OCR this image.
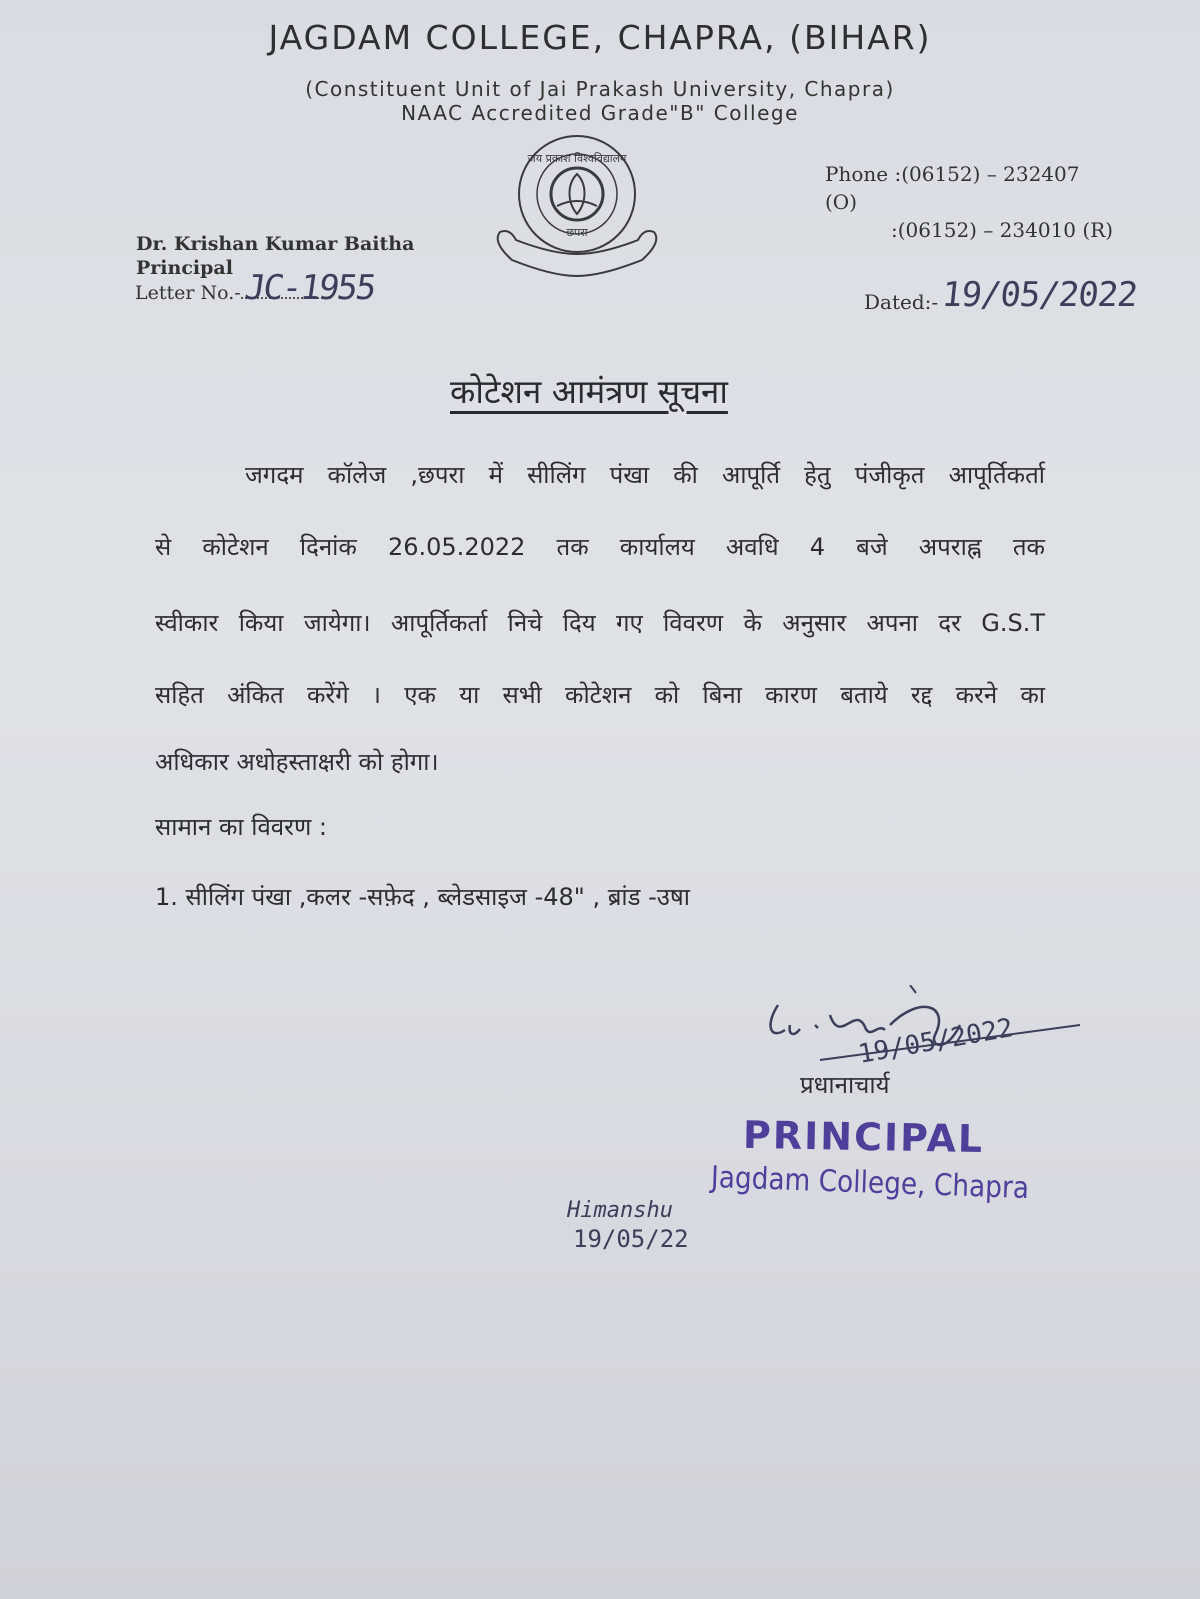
JAGDAM COLLEGE, CHAPRA, (BIHAR)
(Constituent Unit of Jai Prakash University, Chapra)
NAAC Accredited Grade"B" College
जय प्रकाश विश्वविद्यालय
छपरा
Phone :(06152) – 232407 (O)
:(06152) – 234010 (R)
Dr. Krishan Kumar Baitha
Principal
Letter No.- JC-1955	Dated:- 19/05/2022
कोटेशन आमंत्रण सूचना
जगदम कॉलेज ,छपरा में सीलिंग पंखा की आपूर्ति हेतु पंजीकृत आपूर्तिकर्ता
से कोटेशन दिनांक 26.05.2022 तक कार्यालय अवधि 4 बजे अपराह्न तक
स्वीकार किया जायेगा। आपूर्तिकर्ता निचे दिय गए विवरण के अनुसार अपना दर G.S.T
सहित अंकित करेंगे । एक या सभी कोटेशन को बिना कारण बताये रद्द करने का
अधिकार अधोहस्ताक्षरी को होगा।
सामान का विवरण :
1. सीलिंग पंखा ,कलर -सफ़ेद , ब्लेडसाइज -48" , ब्रांड -उषा
19/05/2022
प्रधानाचार्य
PRINCIPAL
Jagdam College, Chapra
Himanshu
19/05/22
